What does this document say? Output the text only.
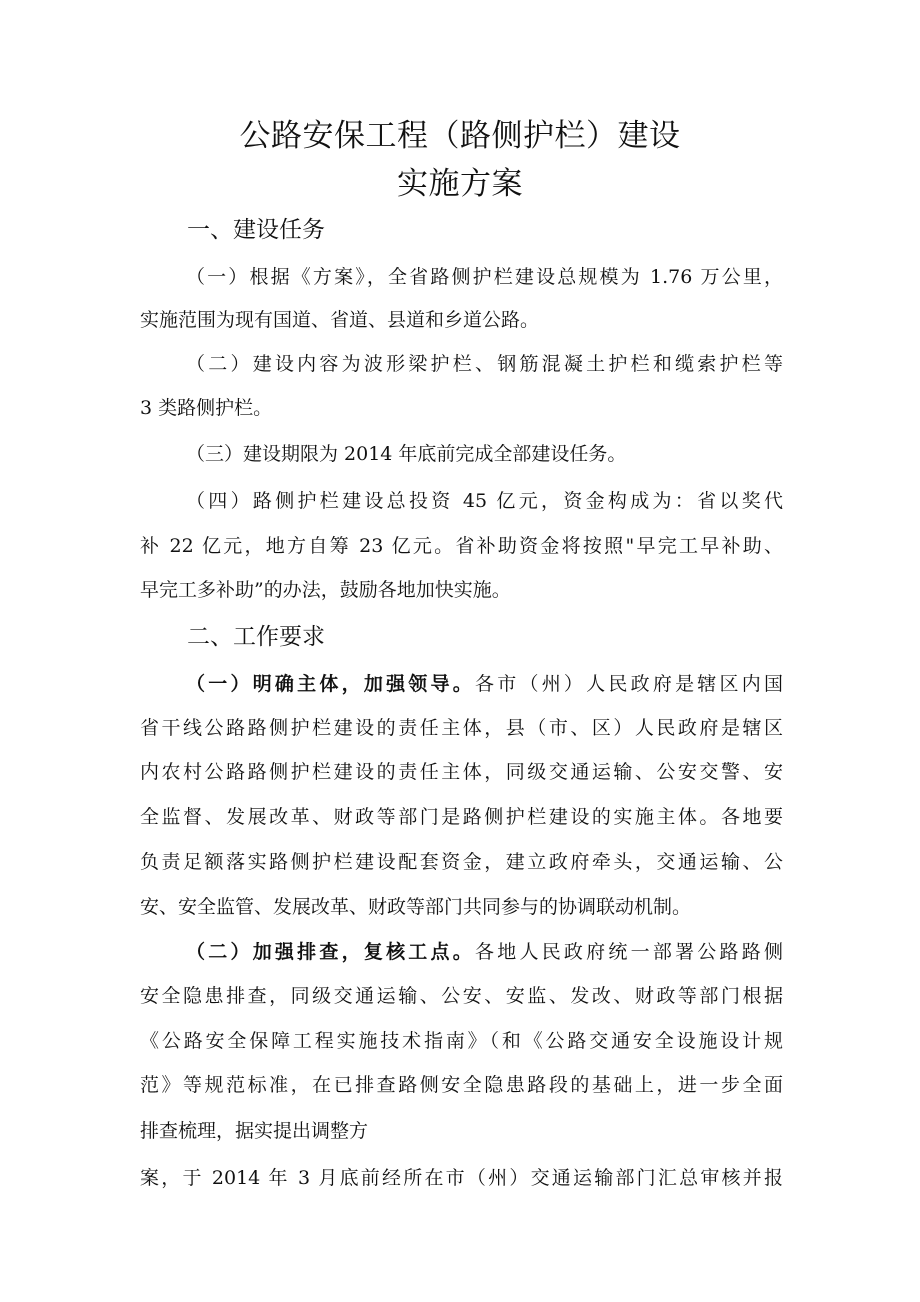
公路安保工程（路侧护栏）建设
实施方案
一、建设任务
（一）根据《方案》，全省路侧护栏建设总规模为 1.76 万公里，
实施范围为现有国道、省道、县道和乡道公路。
（二）建设内容为波形梁护栏、钢筋混凝土护栏和缆索护栏等
3 类路侧护栏。
（三）建设期限为 2014 年底前完成全部建设任务。
（四）路侧护栏建设总投资 45 亿元，资金构成为：省以奖代
补 22 亿元，地方自筹 23 亿元。省补助资金将按照"早完工早补助、
早完工多补助”的办法，鼓励各地加快实施。
二、工作要求
（一）明确主体，加强领导。各市（州）人民政府是辖区内国
省干线公路路侧护栏建设的责任主体，县（市、区）人民政府是辖区
内农村公路路侧护栏建设的责任主体，同级交通运输、公安交警、安
全监督、发展改革、财政等部门是路侧护栏建设的实施主体。各地要
负责足额落实路侧护栏建设配套资金，建立政府牵头，交通运输、公
安、安全监管、发展改革、财政等部门共同参与的协调联动机制。
（二）加强排查，复核工点。各地人民政府统一部署公路路侧
安全隐患排查，同级交通运输、公安、安监、发改、财政等部门根据
《公路安全保障工程实施技术指南》（和《公路交通安全设施设计规
范》等规范标准，在已排查路侧安全隐患路段的基础上，进一步全面
排查梳理，据实提出调整方
案，于 2014 年 3 月底前经所在市（州）交通运输部门汇总审核并报
